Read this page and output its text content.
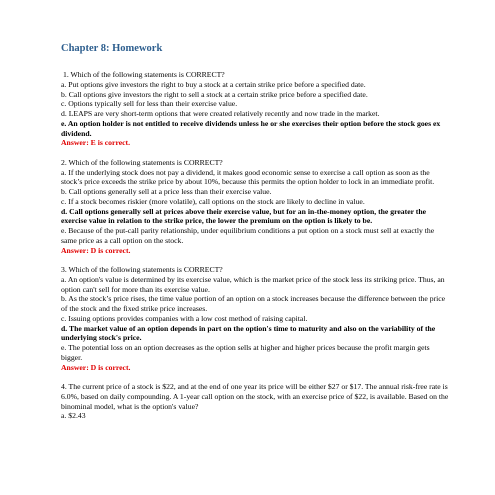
Chapter 8: Homework
1. Which of the following statements is CORRECT?
a. Put options give investors the right to buy a stock at a certain strike price before a specified date.
b. Call options give investors the right to sell a stock at a certain strike price before a specified date.
c. Options typically sell for less than their exercise value.
d. LEAPS are very short-term options that were created relatively recently and now trade in the market.
e. An option holder is not entitled to receive dividends unless he or she exercises their option before the stock goes ex dividend.
Answer: E is correct.
2. Which of the following statements is CORRECT?
a. If the underlying stock does not pay a dividend, it makes good economic sense to exercise a call option as soon as the stock’s price exceeds the strike price by about 10%, because this permits the option holder to lock in an immediate profit.
b. Call options generally sell at a price less than their exercise value.
c. If a stock becomes riskier (more volatile), call options on the stock are likely to decline in value.
d. Call options generally sell at prices above their exercise value, but for an in-the-money option, the greater the exercise value in relation to the strike price, the lower the premium on the option is likely to be.
e. Because of the put-call parity relationship, under equilibrium conditions a put option on a stock must sell at exactly the same price as a call option on the stock.
Answer: D is correct.
3. Which of the following statements is CORRECT?
a. An option's value is determined by its exercise value, which is the market price of the stock less its striking price. Thus, an option can't sell for more than its exercise value.
b. As the stock’s price rises, the time value portion of an option on a stock increases because the difference between the price of the stock and the fixed strike price increases.
c. Issuing options provides companies with a low cost method of raising capital.
d. The market value of an option depends in part on the option's time to maturity and also on the variability of the underlying stock's price.
e. The potential loss on an option decreases as the option sells at higher and higher prices because the profit margin gets bigger.
Answer: D is correct.
4. The current price of a stock is $22, and at the end of one year its price will be either $27 or $17. The annual risk-free rate is 6.0%, based on daily compounding. A 1-year call option on the stock, with an exercise price of $22, is available. Based on the binominal model, what is the option's value?
a. $2.43
